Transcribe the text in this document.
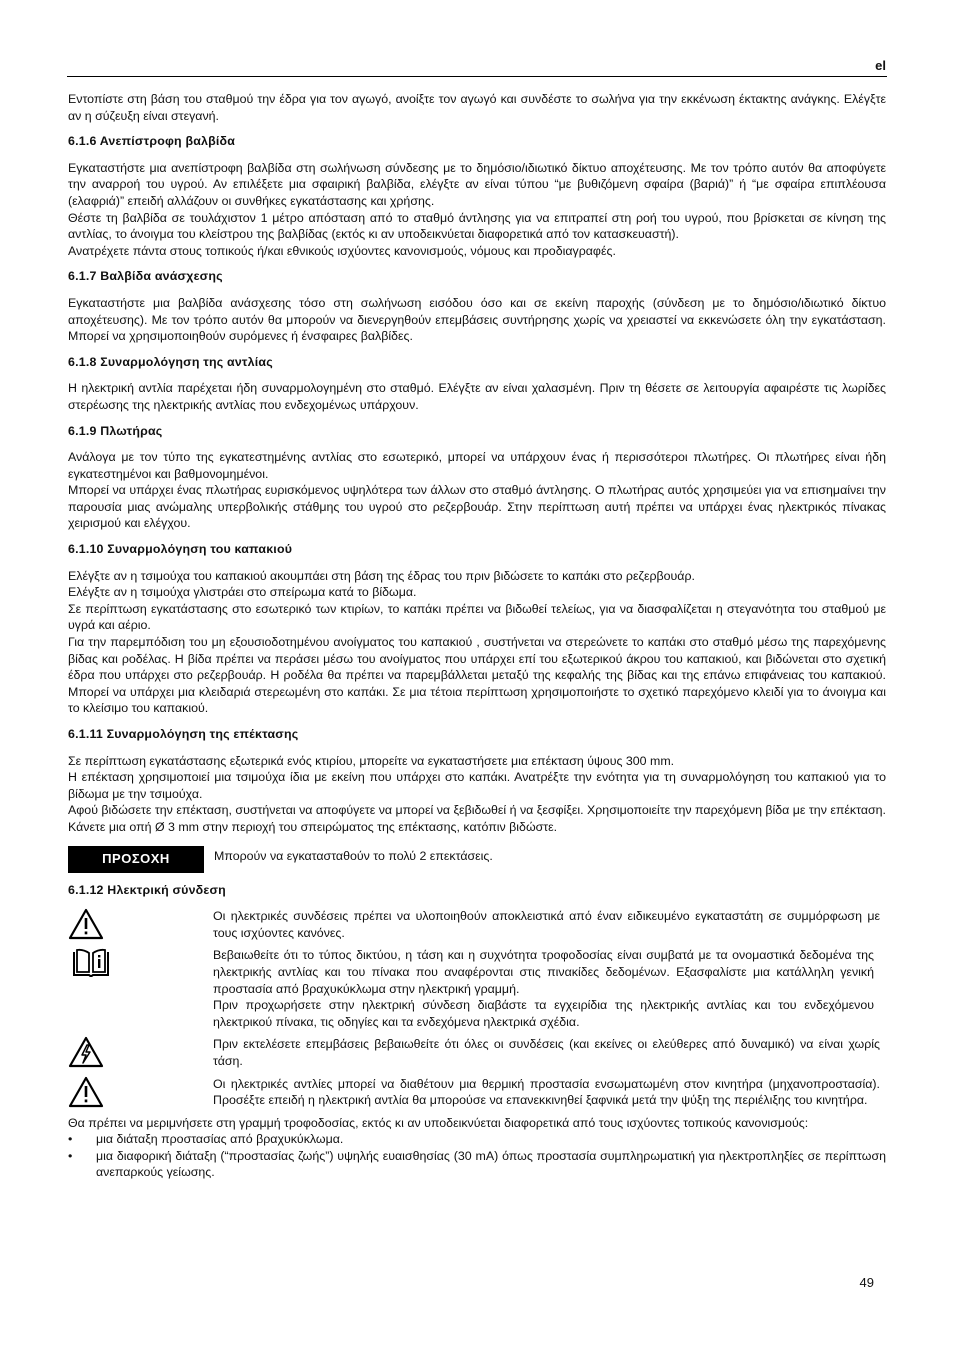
el

Εντοπίστε στη βάση του σταθμού την έδρα για τον αγωγό, ανοίξτε τον αγωγό και συνδέστε το σωλήνα για την εκκένωση έκτακτης ανάγκης. Ελέγξτε αν η σύζευξη είναι στεγανή.

6.1.6 Ανεπίστροφη βαλβίδα

Εγκαταστήστε μια ανεπίστροφη βαλβίδα στη σωλήνωση σύνδεσης με το δημόσιο/ιδιωτικό δίκτυο αποχέτευσης. Με τον τρόπο αυτόν θα αποφύγετε την αναρροή του υγρού. Αν επιλέξετε μια σφαιρική βαλβίδα, ελέγξτε αν είναι τύπου “με βυθιζόμενη σφαίρα (βαριά)” ή “με σφαίρα επιπλέουσα (ελαφριά)” επειδή αλλάζουν οι συνθήκες εγκατάστασης και χρήσης.

Θέστε τη βαλβίδα σε τουλάχιστον 1 μέτρο απόσταση από το σταθμό άντλησης για να επιτραπεί στη ροή του υγρού, που βρίσκεται σε κίνηση της αντλίας, το άνοιγμα του κλείστρου της βαλβίδας (εκτός κι αν υποδεικνύεται διαφορετικά από τον κατασκευαστή).

Ανατρέχετε πάντα στους τοπικούς ή/και εθνικούς ισχύοντες κανονισμούς, νόμους και προδιαγραφές.

6.1.7 Βαλβίδα ανάσχεσης

Εγκαταστήστε μια βαλβίδα ανάσχεσης τόσο στη σωλήνωση εισόδου όσο και σε εκείνη παροχής (σύνδεση με το δημόσιο/ιδιωτικό δίκτυο αποχέτευσης). Με τον τρόπο αυτόν θα μπορούν να διενεργηθούν επεμβάσεις συντήρησης χωρίς να χρειαστεί να εκκενώσετε όλη την εγκατάσταση. Μπορεί να χρησιμοποιηθούν συρόμενες ή ένσφαιρες βαλβίδες.

6.1.8 Συναρμολόγηση της αντλίας

Η ηλεκτρική αντλία παρέχεται ήδη συναρμολογημένη στο σταθμό. Ελέγξτε αν είναι χαλασμένη. Πριν τη θέσετε σε λειτουργία αφαιρέστε τις λωρίδες στερέωσης της ηλεκτρικής αντλίας που ενδεχομένως υπάρχουν.

6.1.9 Πλωτήρας

Ανάλογα με τον τύπο της εγκατεστημένης αντλίας στο εσωτερικό, μπορεί να υπάρχουν ένας ή περισσότεροι πλωτήρες. Οι πλωτήρες είναι ήδη εγκατεστημένοι και βαθμονομημένοι.

Μπορεί να υπάρχει ένας πλωτήρας ευρισκόμενος υψηλότερα των άλλων στο σταθμό άντλησης. Ο πλωτήρας αυτός χρησιμεύει για να επισημαίνει την παρουσία μιας ανώμαλης υπερβολικής στάθμης του υγρού στο ρεζερβουάρ. Στην περίπτωση αυτή πρέπει να υπάρχει ένας ηλεκτρικός πίνακας χειρισμού και ελέγχου.

6.1.10 Συναρμολόγηση του καπακιού

Ελέγξτε αν η τσιμούχα του καπακιού ακουμπάει στη βάση της έδρας του πριν βιδώσετε το καπάκι στο ρεζερβουάρ.

Ελέγξτε αν η τσιμούχα γλιστράει στο σπείρωμα κατά το βίδωμα.

Σε περίπτωση εγκατάστασης στο εσωτερικό των κτιρίων, το καπάκι πρέπει να βιδωθεί τελείως, για να διασφαλίζεται η στεγανότητα του σταθμού με υγρά και αέριο.

Για την παρεμπόδιση του μη εξουσιοδοτημένου ανοίγματος του καπακιού , συστήνεται να στερεώνετε το καπάκι στο σταθμό μέσω της παρεχόμενης βίδας και ροδέλας. Η βίδα πρέπει να περάσει μέσω του ανοίγματος που υπάρχει επί του εξωτερικού άκρου του καπακιού, και βιδώνεται στο σχετική έδρα που υπάρχει στο ρεζερβουάρ. Η ροδέλα θα πρέπει να παρεμβάλλεται μεταξύ της κεφαλής της βίδας και της επάνω επιφάνειας του καπακιού. Μπορεί να υπάρχει μια κλειδαριά στερεωμένη στο καπάκι. Σε μια τέτοια περίπτωση χρησιμοποιήστε το σχετικό παρεχόμενο κλειδί για το άνοιγμα και το κλείσιμο του καπακιού.

6.1.11 Συναρμολόγηση της επέκτασης

Σε περίπτωση εγκατάστασης εξωτερικά ενός κτιρίου, μπορείτε να εγκαταστήσετε μια επέκταση ύψους 300 mm.

Η επέκταση χρησιμοποιεί μια τσιμούχα ίδια με εκείνη που υπάρχει στο καπάκι. Ανατρέξτε την ενότητα για τη συναρμολόγηση του καπακιού για το βίδωμα με την τσιμούχα.

Αφού βιδώσετε την επέκταση, συστήνεται να αποφύγετε να μπορεί να ξεβιδωθεί ή να ξεσφίξει. Χρησιμοποιείτε την παρεχόμενη βίδα με την επέκταση. Κάνετε μια οπή Ø 3 mm στην περιοχή του σπειρώματος της επέκτασης, κατόπιν βιδώστε.

ΠΡΟΣΟΧΗ	Μπορούν να εγκατασταθούν το πολύ 2 επεκτάσεις.
6.1.12 Ηλεκτρική σύνδεση

Οι ηλεκτρικές συνδέσεις πρέπει να υλοποιηθούν αποκλειστικά από έναν ειδικευμένο εγκαταστάτη σε συμμόρφωση με τους ισχύοντες κανόνες.

Βεβαιωθείτε ότι το τύπος δικτύου, η τάση και η συχνότητα τροφοδοσίας είναι συμβατά με τα ονομαστικά δεδομένα της ηλεκτρικής αντλίας και του πίνακα που αναφέρονται στις πινακίδες δεδομένων. Εξασφαλίστε μια κατάλληλη γενική προστασία από βραχυκύκλωμα στην ηλεκτρική γραμμή.

Πριν προχωρήσετε στην ηλεκτρική σύνδεση διαβάστε τα εγχειρίδια της ηλεκτρικής αντλίας και του ενδεχόμενου ηλεκτρικού πίνακα, τις οδηγίες και τα ενδεχόμενα ηλεκτρικά σχέδια.

Πριν εκτελέσετε επεμβάσεις βεβαιωθείτε ότι όλες οι συνδέσεις (και εκείνες οι ελεύθερες από δυναμικό) να είναι χωρίς τάση.

Οι ηλεκτρικές αντλίες μπορεί να διαθέτουν μια θερμική προστασία ενσωματωμένη στον κινητήρα (μηχανοπροστασία). Προσέξτε επειδή η ηλεκτρική αντλία θα μπορούσε να επανεκκινηθεί ξαφνικά μετά την ψύξη της περιέλιξης του κινητήρα.

Θα πρέπει να μεριμνήσετε στη γραμμή τροφοδοσίας, εκτός κι αν υποδεικνύεται διαφορετικά από τους ισχύοντες τοπικούς κανονισμούς:

•	μια διάταξη προστασίας από βραχυκύκλωμα.
•	μια διαφορική διάταξη (“προστασίας ζωής”) υψηλής ευαισθησίας (30 mA) όπως προστασία συμπληρωματική για ηλεκτροπληξίες σε περίπτωση ανεπαρκούς γείωσης.
49
